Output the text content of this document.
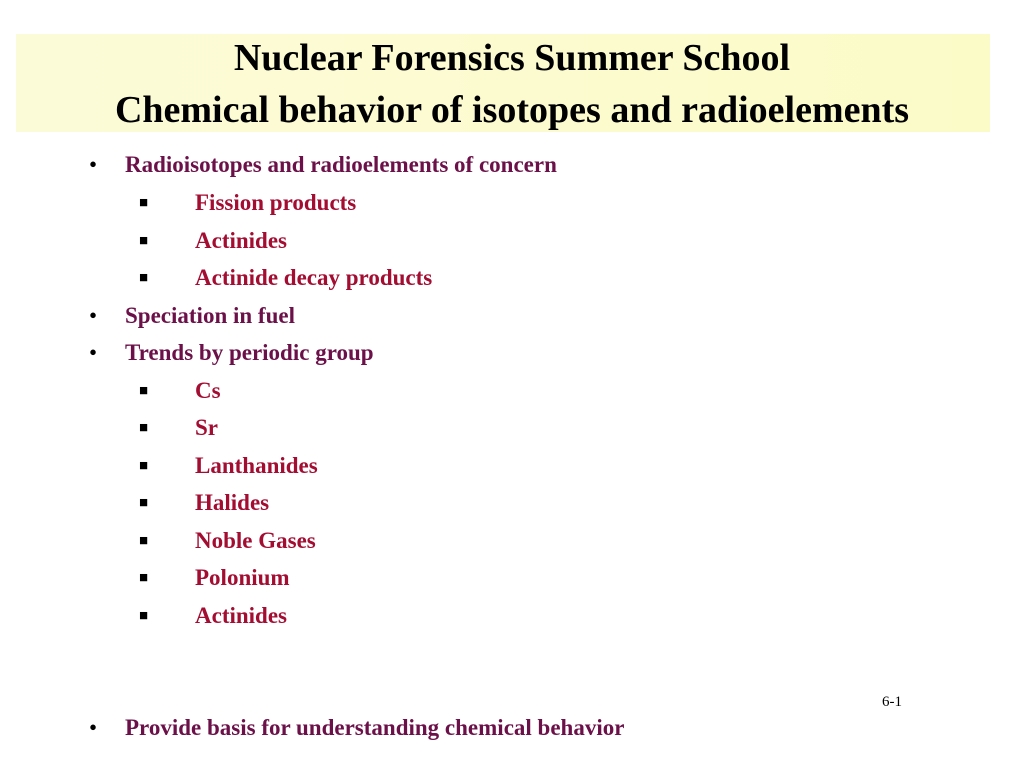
Nuclear Forensics Summer School
Chemical behavior of isotopes and radioelements
• Radioisotopes and radioelements of concern
■ Fission products
■ Actinides
■ Actinide decay products
• Speciation in fuel
• Trends by periodic group
■ Cs
■ Sr
■ Lanthanides
■ Halides
■ Noble Gases
■ Polonium
■ Actinides
6-1
• Provide basis for understanding chemical behavior
